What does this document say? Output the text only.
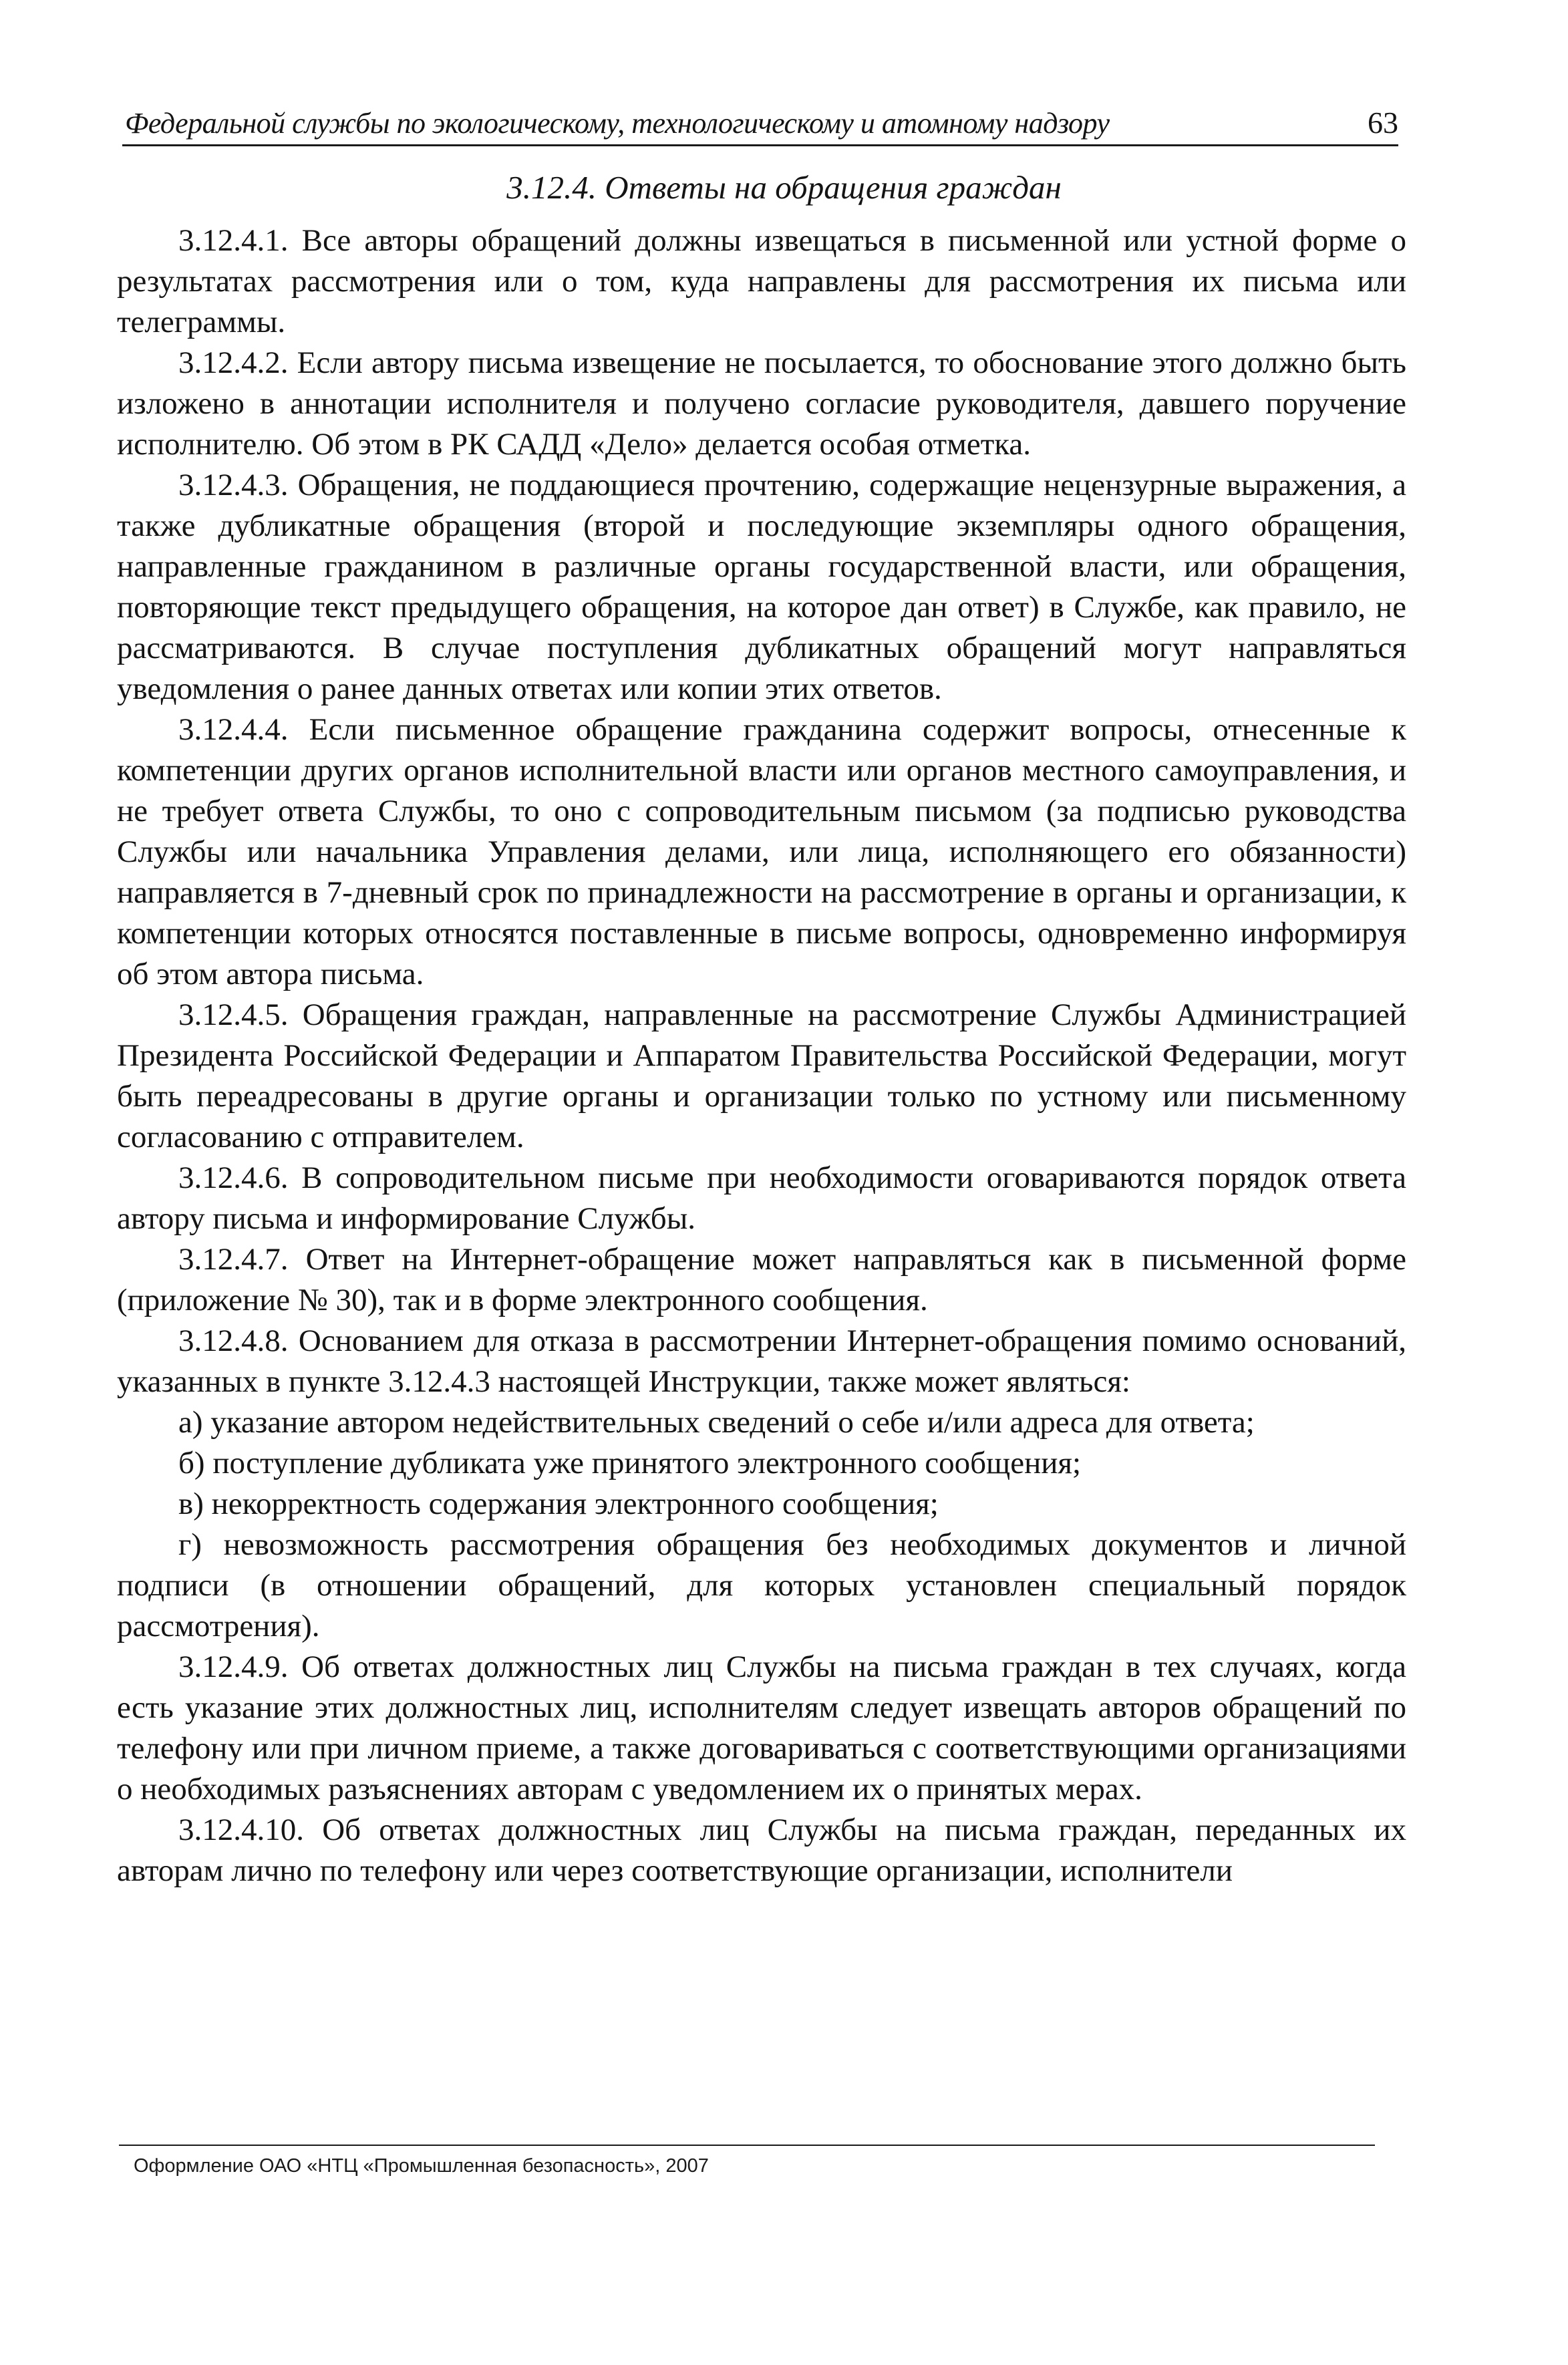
Федеральной службы по экологическому, технологическому и атомному надзору	63
3.12.4. Ответы на обращения граждан

3.12.4.1. Все авторы обращений должны извещаться в письменной или устной форме о результатах рассмотрения или о том, куда направлены для рассмотрения их письма или телеграммы.

3.12.4.2. Если автору письма извещение не посылается, то обоснование этого должно быть изложено в аннотации исполнителя и получено согласие руководителя, давшего поручение исполнителю. Об этом в РК САДД «Дело» делается особая отметка.

3.12.4.3. Обращения, не поддающиеся прочтению, содержащие нецензурные выражения, а также дубликатные обращения (второй и последующие экземпляры одного обращения, направленные гражданином в различные органы государственной власти, или обращения, повторяющие текст предыдущего обращения, на которое дан ответ) в Службе, как правило, не рассматриваются. В случае поступления дубликатных обращений могут направляться уведомления о ранее данных ответах или копии этих ответов.

3.12.4.4. Если письменное обращение гражданина содержит вопросы, отнесенные к компетенции других органов исполнительной власти или органов местного самоуправления, и не требует ответа Службы, то оно с сопроводительным письмом (за подписью руководства Службы или начальника Управления делами, или лица, исполняющего его обязанности) направляется в 7-дневный срок по принадлежности на рассмотрение в органы и организации, к компетенции которых относятся поставленные в письме вопросы, одновременно информируя об этом автора письма.

3.12.4.5. Обращения граждан, направленные на рассмотрение Службы Администрацией Президента Российской Федерации и Аппаратом Правительства Российской Федерации, могут быть переадресованы в другие органы и организации только по устному или письменному согласованию с отправителем.

3.12.4.6. В сопроводительном письме при необходимости оговариваются порядок ответа автору письма и информирование Службы.

3.12.4.7. Ответ на Интернет-обращение может направляться как в письменной форме (приложение № 30), так и в форме электронного сообщения.

3.12.4.8. Основанием для отказа в рассмотрении Интернет-обращения помимо оснований, указанных в пункте 3.12.4.3 настоящей Инструкции, также может являться:

а) указание автором недействительных сведений о себе и/или адреса для ответа;

б) поступление дубликата уже принятого электронного сообщения;

в) некорректность содержания электронного сообщения;

г) невозможность рассмотрения обращения без необходимых документов и личной подписи (в отношении обращений, для которых установлен специальный порядок рассмотрения).

3.12.4.9. Об ответах должностных лиц Службы на письма граждан в тех случаях, когда есть указание этих должностных лиц, исполнителям следует извещать авторов обращений по телефону или при личном приеме, а также договариваться с соответствующими организациями о необходимых разъяснениях авторам с уведомлением их о принятых мерах.

3.12.4.10. Об ответах должностных лиц Службы на письма граждан, переданных их авторам лично по телефону или через соответствующие организации, исполнители

Оформление ОАО «НТЦ «Промышленная безопасность», 2007
